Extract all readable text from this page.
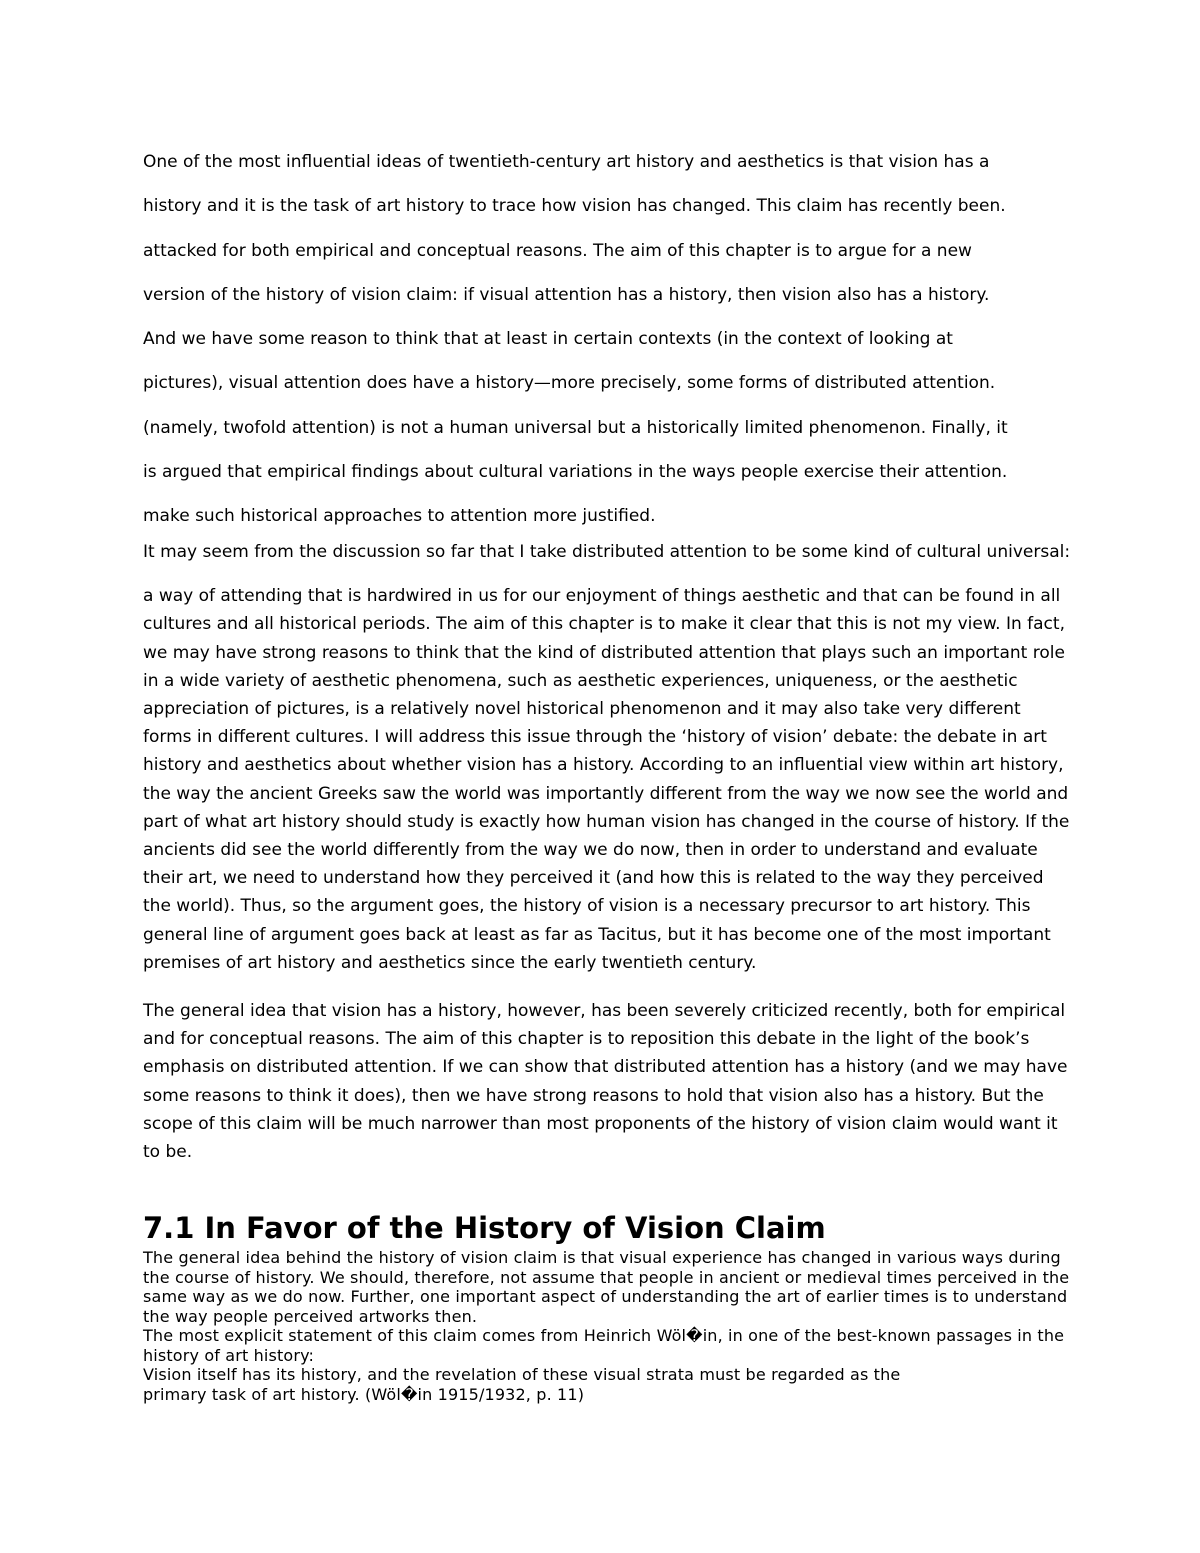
One of the most influential ideas of twentieth-century art history and aesthetics is that vision has a

history and it is the task of art history to trace how vision has changed. This claim has recently been.

attacked for both empirical and conceptual reasons. The aim of this chapter is to argue for a new

version of the history of vision claim: if visual attention has a history, then vision also has a history.

And we have some reason to think that at least in certain contexts (in the context of looking at

pictures), visual attention does have a history—more precisely, some forms of distributed attention.

(namely, twofold attention) is not a human universal but a historically limited phenomenon. Finally, it

is argued that empirical findings about cultural variations in the ways people exercise their attention.

make such historical approaches to attention more justified.

It may seem from the discussion so far that I take distributed attention to be some kind of cultural universal:

a way of attending that is hardwired in us for our enjoyment of things aesthetic and that can be found in all cultures and all historical periods. The aim of this chapter is to make it clear that this is not my view. In fact, we may have strong reasons to think that the kind of distributed attention that plays such an important role in a wide variety of aesthetic phenomena, such as aesthetic experiences, uniqueness, or the aesthetic appreciation of pictures, is a relatively novel historical phenomenon and it may also take very different forms in different cultures. I will address this issue through the ‘history of vision’ debate: the debate in art history and aesthetics about whether vision has a history. According to an influential view within art history, the way the ancient Greeks saw the world was importantly different from the way we now see the world and part of what art history should study is exactly how human vision has changed in the course of history. If the ancients did see the world differently from the way we do now, then in order to understand and evaluate their art, we need to understand how they perceived it (and how this is related to the way they perceived the world). Thus, so the argument goes, the history of vision is a necessary precursor to art history. This general line of argument goes back at least as far as Tacitus, but it has become one of the most important premises of art history and aesthetics since the early twentieth century.

The general idea that vision has a history, however, has been severely criticized recently, both for empirical and for conceptual reasons. The aim of this chapter is to reposition this debate in the light of the book’s emphasis on distributed attention. If we can show that distributed attention has a history (and we may have some reasons to think it does), then we have strong reasons to hold that vision also has a history. But the scope of this claim will be much narrower than most proponents of the history of vision claim would want it to be.

7.1 In Favor of the History of Vision Claim

The general idea behind the history of vision claim is that visual experience has changed in various ways during the course of history. We should, therefore, not assume that people in ancient or medieval times perceived in the same way as we do now. Further, one important aspect of understanding the art of earlier times is to understand the way people perceived artworks then.

The most explicit statement of this claim comes from Heinrich Wöl�in, in one of the best-known passages in the history of art history:

Vision itself has its history, and the revelation of these visual strata must be regarded as the

primary task of art history. (Wöl�in 1915/1932, p. 11)
